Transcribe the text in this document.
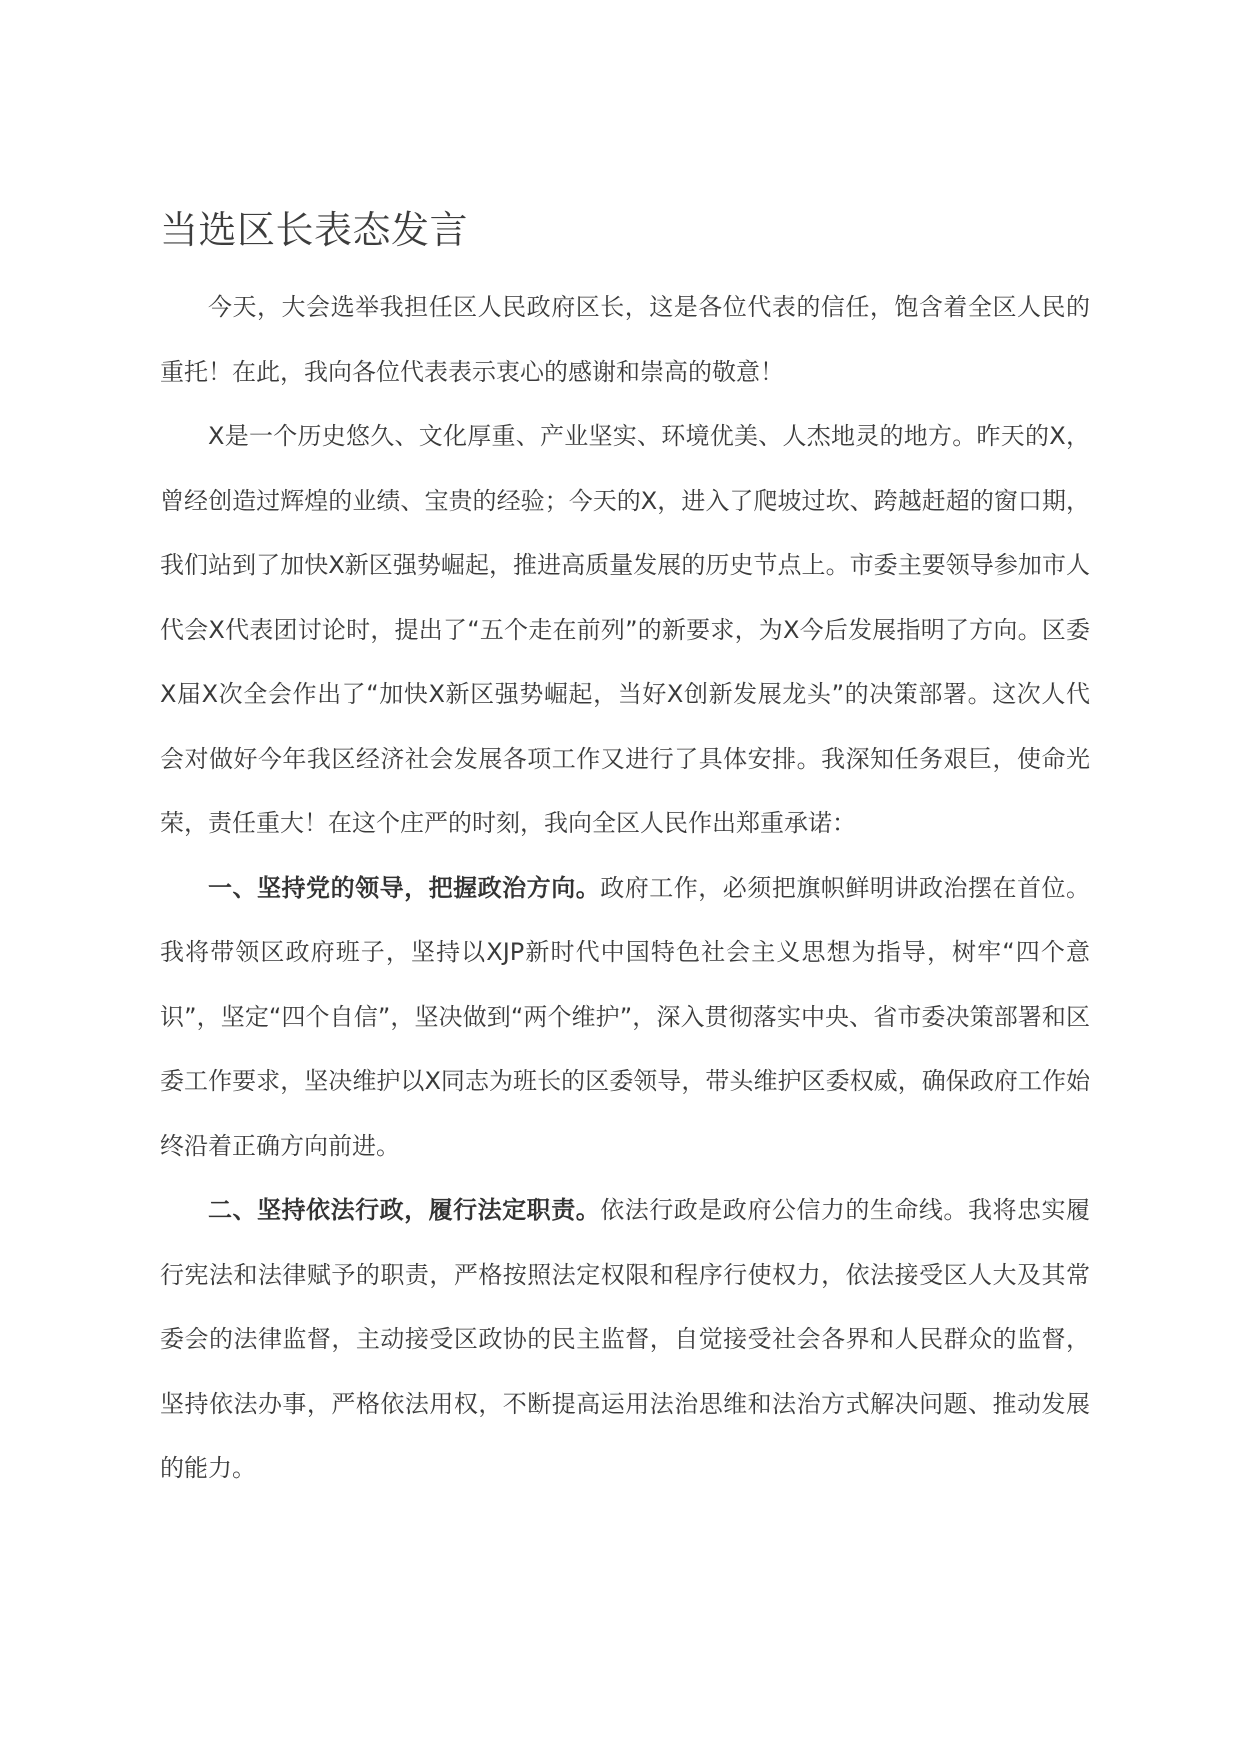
当选区长表态发言

今天，大会选举我担任区人民政府区长，这是各位代表的信任，饱含着全区人民的重托！在此，我向各位代表表示衷心的感谢和崇高的敬意！

X是一个历史悠久、文化厚重、产业坚实、环境优美、人杰地灵的地方。昨天的X，曾经创造过辉煌的业绩、宝贵的经验；今天的X，进入了爬坡过坎、跨越赶超的窗口期，我们站到了加快X新区强势崛起，推进高质量发展的历史节点上。市委主要领导参加市人代会X代表团讨论时，提出了“五个走在前列”的新要求，为X今后发展指明了方向。区委X届X次全会作出了“加快X新区强势崛起，当好X创新发展龙头”的决策部署。这次人代会对做好今年我区经济社会发展各项工作又进行了具体安排。我深知任务艰巨，使命光荣，责任重大！在这个庄严的时刻，我向全区人民作出郑重承诺：

一、坚持党的领导，把握政治方向。政府工作，必须把旗帜鲜明讲政治摆在首位。我将带领区政府班子，坚持以XJP新时代中国特色社会主义思想为指导，树牢“四个意识”，坚定“四个自信”，坚决做到“两个维护”，深入贯彻落实中央、省市委决策部署和区委工作要求，坚决维护以X同志为班长的区委领导，带头维护区委权威，确保政府工作始终沿着正确方向前进。

二、坚持依法行政，履行法定职责。依法行政是政府公信力的生命线。我将忠实履行宪法和法律赋予的职责，严格按照法定权限和程序行使权力，依法接受区人大及其常委会的法律监督，主动接受区政协的民主监督，自觉接受社会各界和人民群众的监督，坚持依法办事，严格依法用权，不断提高运用法治思维和法治方式解决问题、推动发展的能力。
